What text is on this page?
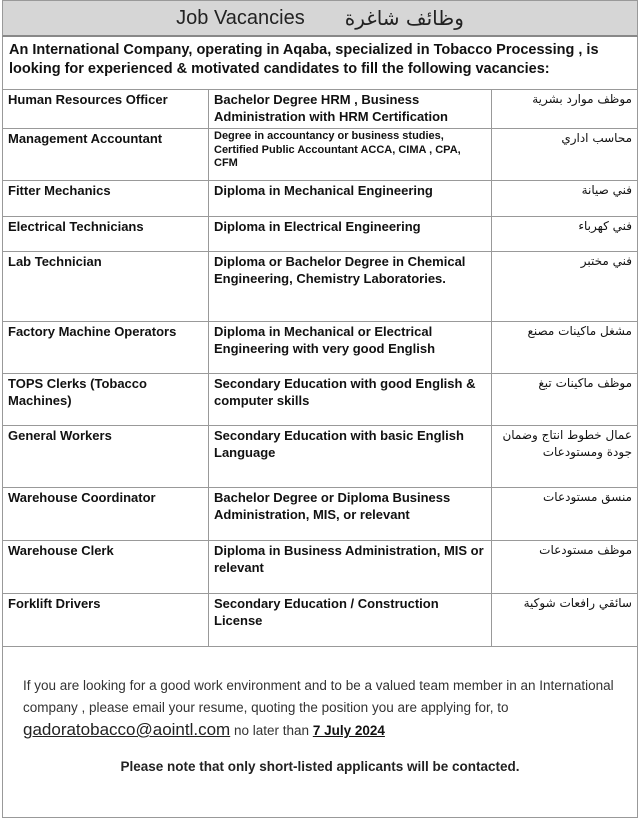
Job Vacancies وظائف شاغرة
An International Company, operating in Aqaba, specialized in Tobacco Processing , is looking for experienced & motivated candidates to fill the following vacancies:
Human Resources Officer	Bachelor Degree HRM , Business Administration with HRM Certification	موظف موارد بشرية
Management Accountant	Degree in accountancy or business studies, Certified Public Accountant ACCA, CIMA , CPA, CFM	محاسب اداري
Fitter Mechanics	Diploma in Mechanical Engineering	فني صيانة
Electrical Technicians	Diploma in Electrical Engineering	فني كهرباء
Lab Technician	Diploma or Bachelor Degree in Chemical Engineering, Chemistry Laboratories.	فني مختبر
Factory Machine Operators	Diploma in Mechanical or Electrical Engineering with very good English	مشغل ماكينات مصنع
TOPS Clerks (Tobacco Machines)	Secondary Education with good English & computer skills	موظف ماكينات تبغ
General Workers	Secondary Education with basic English Language	عمال خطوط انتاج وضمان جودة ومستودعات
Warehouse Coordinator	Bachelor Degree or Diploma Business Administration, MIS, or relevant	منسق مستودعات
Warehouse Clerk	Diploma in Business Administration, MIS or relevant	موظف مستودعات
Forklift Drivers	Secondary Education / Construction License	سائقي رافعات شوكية

If you are looking for a good work environment and to be a valued team member in an International company , please email your resume, quoting the position you are applying for, to gadoratobacco@aointl.com no later than 7 July 2024

Please note that only short-listed applicants will be contacted.
